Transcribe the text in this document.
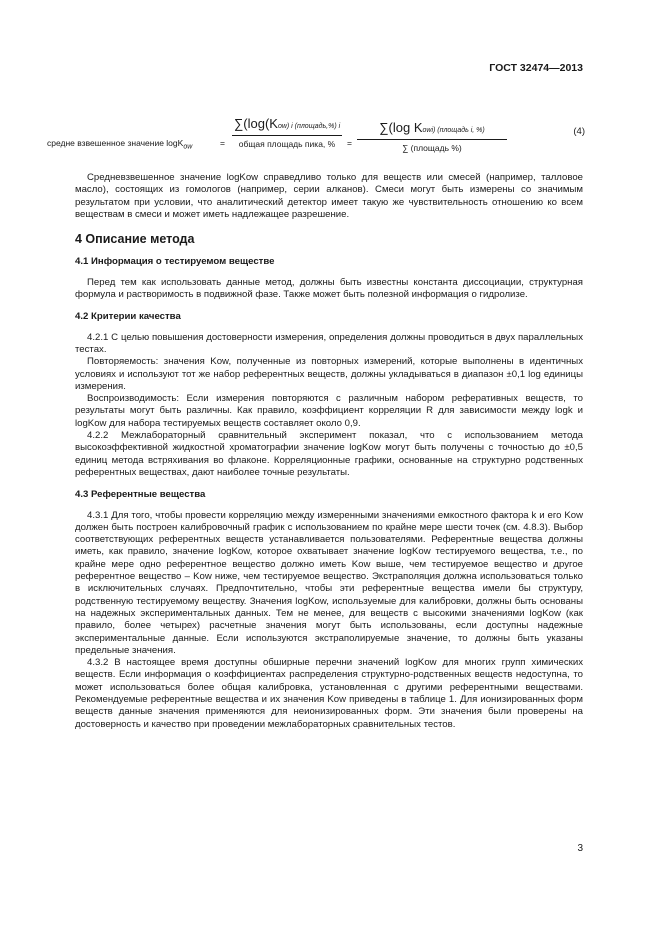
ГОСТ 32474—2013
средне взвешенное значение logK$_{ow}$	=
∑(log(Kow) i (площадь,%) i
общая площадь пика, %	=
∑(log Kowi) (площадь i, %)
∑ (площадь %)
(4)

Средневзвешенное значение logKow справедливо только для веществ или смесей (например, талловое масло), состоящих из гомологов (например, серии алканов). Смеси могут быть измерены со значимым результатом при условии, что аналитический детектор имеет такую же чувствительность отношению ко всем веществам в смеси и может иметь надлежащее разрешение.

4 Описание метода
4.1 Информация о тестируемом веществе

Перед тем как использовать данные метод, должны быть известны константа диссоциации, структурная формула и растворимость в подвижной фазе. Также может быть полезной информация о гидролизе.

4.2 Критерии качества

4.2.1 С целью повышения достоверности измерения, определения должны проводиться в двух параллельных тестах.

Повторяемость: значения Kow, полученные из повторных измерений, которые выполнены в идентичных условиях и используют тот же набор референтных веществ, должны укладываться в диапазон ±0,1 log единицы измерения.

Воспроизводимость: Если измерения повторяются с различным набором реферативных веществ, то результаты могут быть различны. Как правило, коэффициент корреляции R для зависимости между logk и logKow для набора тестируемых веществ составляет около 0,9.

4.2.2 Межлабораторный сравнительный эксперимент показал, что с использованием метода высокоэффективной жидкостной хроматографии значение logKow могут быть получены с точностью до ±0,5 единиц метода встряхивания во флаконе. Корреляционные графики, основанные на структурно родственных референтных веществах, дают наиболее точные результаты.

4.3 Референтные вещества

4.3.1 Для того, чтобы провести корреляцию между измеренными значениями емкостного фактора k и его Kow должен быть построен калибровочный график с использованием по крайне мере шести точек (см. 4.8.3). Выбор соответствующих референтных веществ устанавливается пользователями. Референтные вещества должны иметь, как правило, значение logKow, которое охватывает значение logKow тестируемого вещества, т.е., по крайне мере одно референтное вещество должно иметь Kow выше, чем тестируемое вещество и другое референтное вещество – Kow ниже, чем тестируемое вещество. Экстраполяция должна использоваться только в исключительных случаях. Предпочтительно, чтобы эти референтные вещества имели бы структуру, родственную тестируемому веществу. Значения logKow, используемые для калибровки, должны быть основаны на надежных экспериментальных данных. Тем не менее, для веществ с высокими значениями logKow (как правило, более четырех) расчетные значения могут быть использованы, если доступны надежные экспериментальные данные. Если используются экстраполируемые значение, то должны быть указаны предельные значения.

4.3.2 В настоящее время доступны обширные перечни значений logKow для многих групп химических веществ. Если информация о коэффициентах распределения структурно-родственных веществ недоступна, то может использоваться более общая калибровка, установленная с другими референтными веществами. Рекомендуемые референтные вещества и их значения Kow приведены в таблице 1. Для ионизированных форм веществ данные значения применяются для неионизированных форм. Эти значения были проверены на достоверность и качество при проведении межлабораторных сравнительных тестов.

3
